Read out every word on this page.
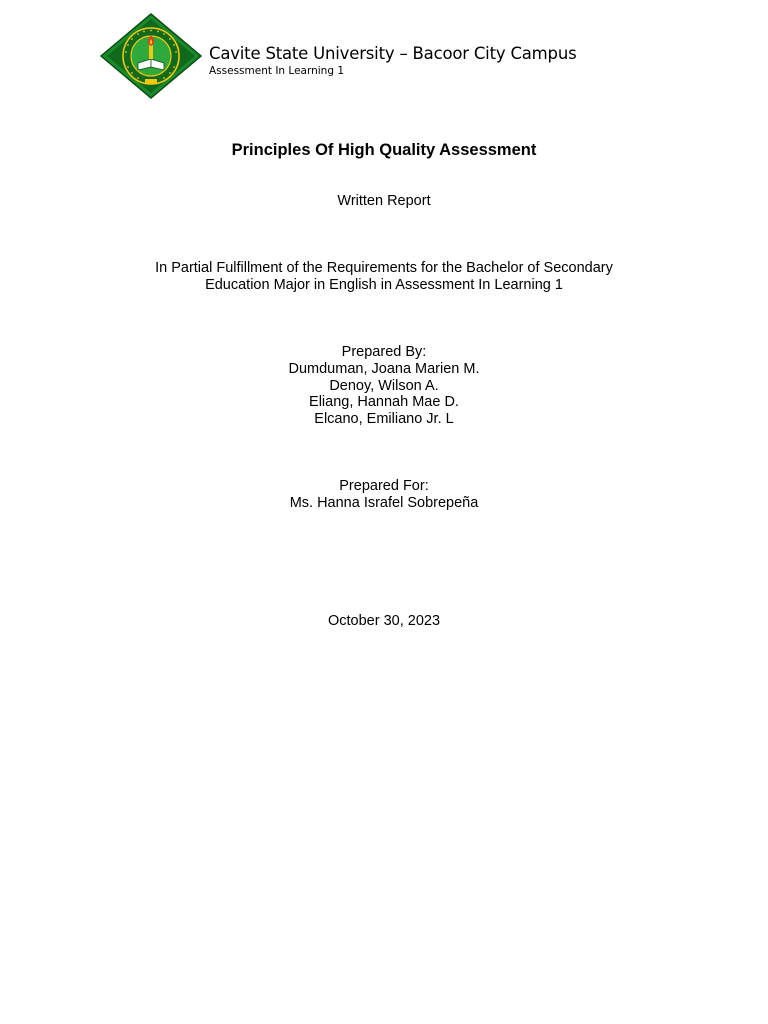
Cavite State University – Bacoor City Campus
Assessment In Learning 1
Principles Of High Quality Assessment
Written Report
In Partial Fulfillment of the Requirements for the Bachelor of Secondary
Education Major in English in Assessment In Learning 1
Prepared By:
Dumduman, Joana Marien M.
Denoy, Wilson A.
Eliang, Hannah Mae D.
Elcano, Emiliano Jr. L
Prepared For:
Ms. Hanna Israfel Sobrepeña
October 30, 2023
